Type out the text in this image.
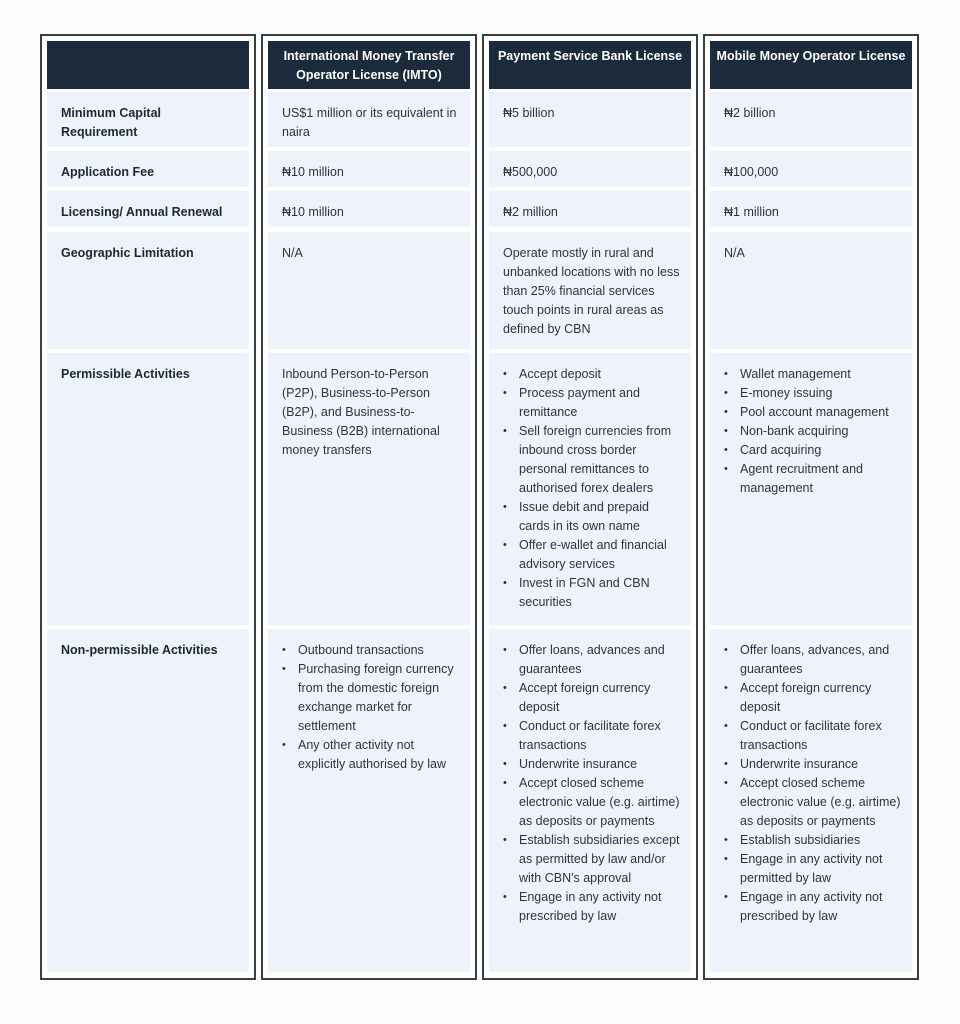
Minimum Capital Requirement
Application Fee
Licensing/ Annual Renewal
Geographic Limitation
Permissible Activities
Non-permissible Activities
International Money Transfer Operator License (IMTO)
US$1 million or its equivalent in naira
₦10 million
₦10 million
N/A
Inbound Person-to-Person (P2P), Business-to-Person (B2P), and Business-to-Business (B2B) international money transfers
• Outbound transactions
• Purchasing foreign currency from the domestic foreign exchange market for settlement
• Any other activity not explicitly authorised by law
Payment Service Bank License
₦5 billion
₦500,000
₦2 million
Operate mostly in rural and unbanked locations with no less than 25% financial services touch points in rural areas as defined by CBN
• Accept deposit
• Process payment and remittance
• Sell foreign currencies from inbound cross border personal remittances to authorised forex dealers
• Issue debit and prepaid cards in its own name
• Offer e-wallet and financial advisory services
• Invest in FGN and CBN securities
• Offer loans, advances and guarantees
• Accept foreign currency deposit
• Conduct or facilitate forex transactions
• Underwrite insurance
• Accept closed scheme electronic value (e.g. airtime) as deposits or payments
• Establish subsidiaries except as permitted by law and/or with CBN's approval
• Engage in any activity not prescribed by law
Mobile Money Operator License
₦2 billion
₦100,000
₦1 million
N/A
• Wallet management
• E-money issuing
• Pool account management
• Non-bank acquiring
• Card acquiring
• Agent recruitment and management
• Offer loans, advances, and guarantees
• Accept foreign currency deposit
• Conduct or facilitate forex transactions
• Underwrite insurance
• Accept closed scheme electronic value (e.g. airtime) as deposits or payments
• Establish subsidiaries
• Engage in any activity not permitted by law
• Engage in any activity not prescribed by law
